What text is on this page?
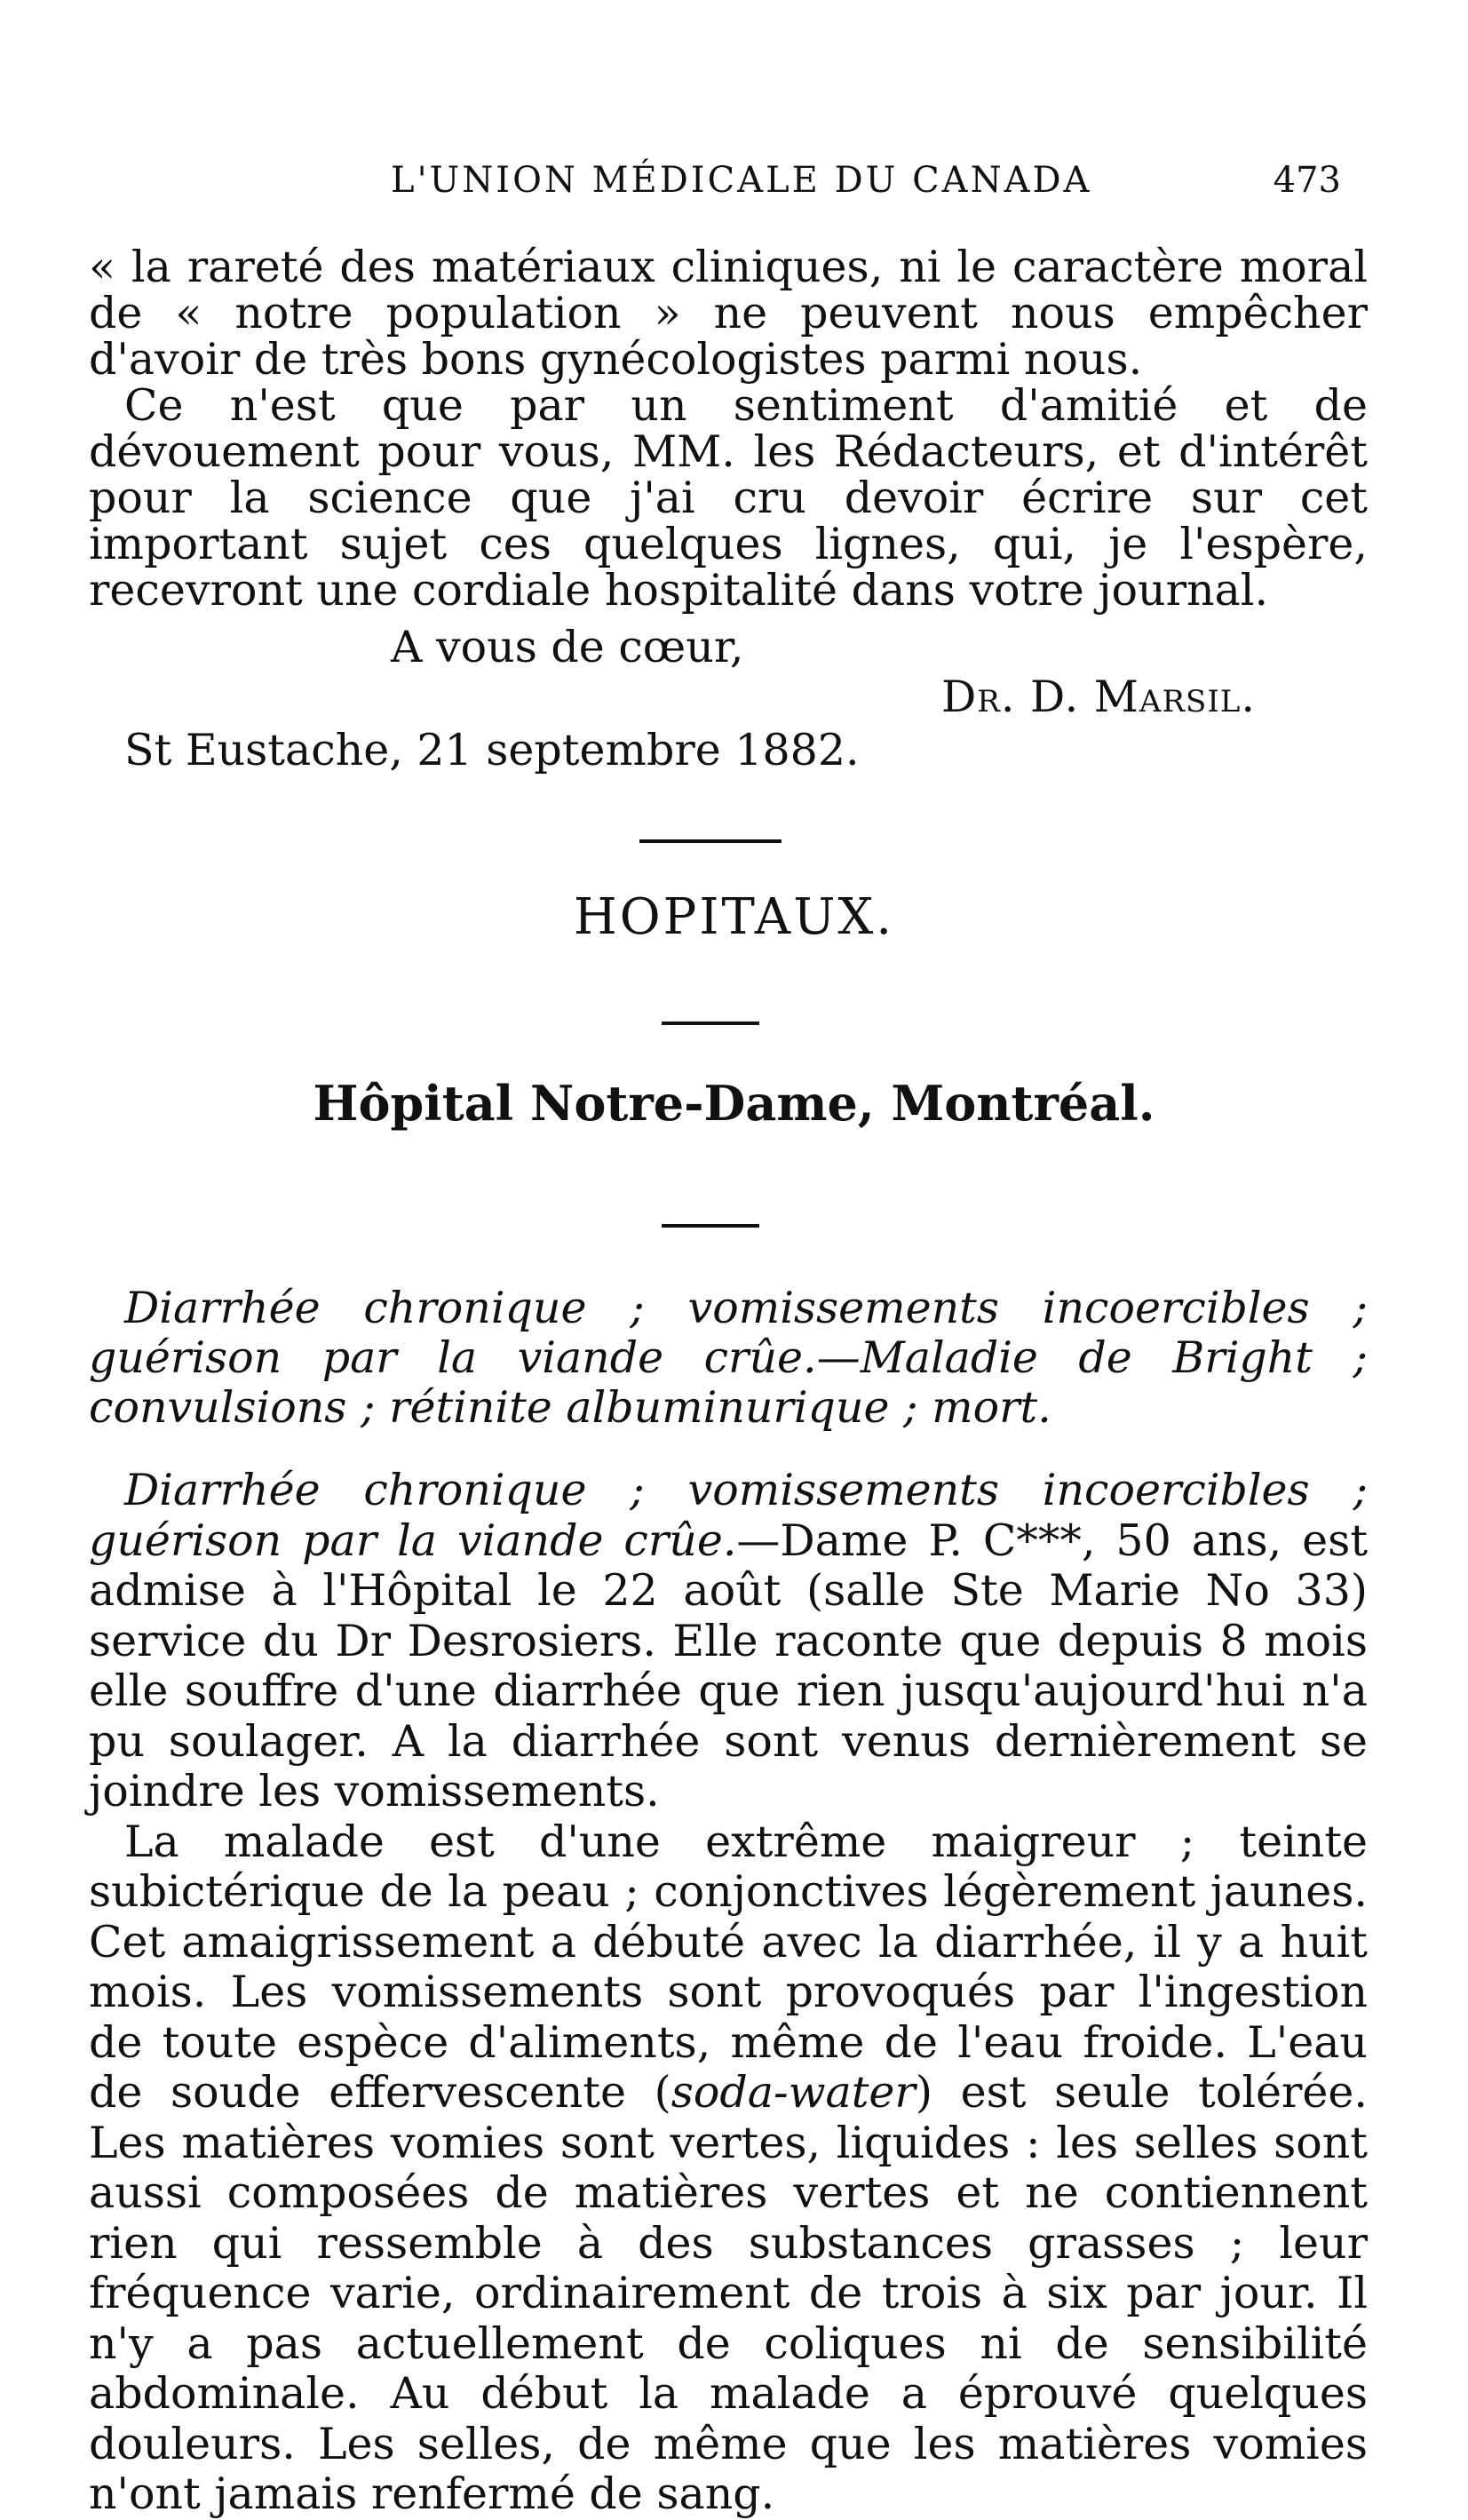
L'UNION MÉDICALE DU CANADA	473

« la rareté des matériaux cliniques, ni le caractère moral de « notre population » ne peuvent nous empêcher d'avoir de très bons gynécologistes parmi nous.

Ce n'est que par un sentiment d'amitié et de dévouement pour vous, MM. les Rédacteurs, et d'intérêt pour la science que j'ai cru devoir écrire sur cet important sujet ces quelques lignes, qui, je l'espère, recevront une cordiale hospitalité dans votre journal.

A vous de cœur,
Dr. D. Marsil.
St Eustache, 21 septembre 1882.
HOPITAUX.
Hôpital Notre-Dame, Montréal.
Diarrhée chronique ; vomissements incoercibles ; guérison par la viande crûe.—Maladie de Bright ; convulsions ; rétinite albuminurique ; mort.

Diarrhée chronique ; vomissements incoercibles ; guérison par la viande crûe.—Dame P. C***, 50 ans, est admise à l'Hôpital le 22 août (salle Ste Marie No 33) service du Dr Desrosiers. Elle raconte que depuis 8 mois elle souffre d'une diarrhée que rien jusqu'aujourd'hui n'a pu soulager. A la diarrhée sont venus dernièrement se joindre les vomissements.

La malade est d'une extrême maigreur ; teinte subictérique de la peau ; conjonctives légèrement jaunes. Cet amaigrissement a débuté avec la diarrhée, il y a huit mois. Les vomissements sont provoqués par l'ingestion de toute espèce d'aliments, même de l'eau froide. L'eau de soude effervescente (soda-water) est seule tolérée. Les matières vomies sont vertes, liquides : les selles sont aussi composées de matières vertes et ne contiennent rien qui ressemble à des substances grasses ; leur fréquence varie, ordinairement de trois à six par jour. Il n'y a pas actuellement de coliques ni de sensibilité abdominale. Au début la malade a éprouvé quelques douleurs. Les selles, de même que les matières vomies n'ont jamais renfermé de sang.
